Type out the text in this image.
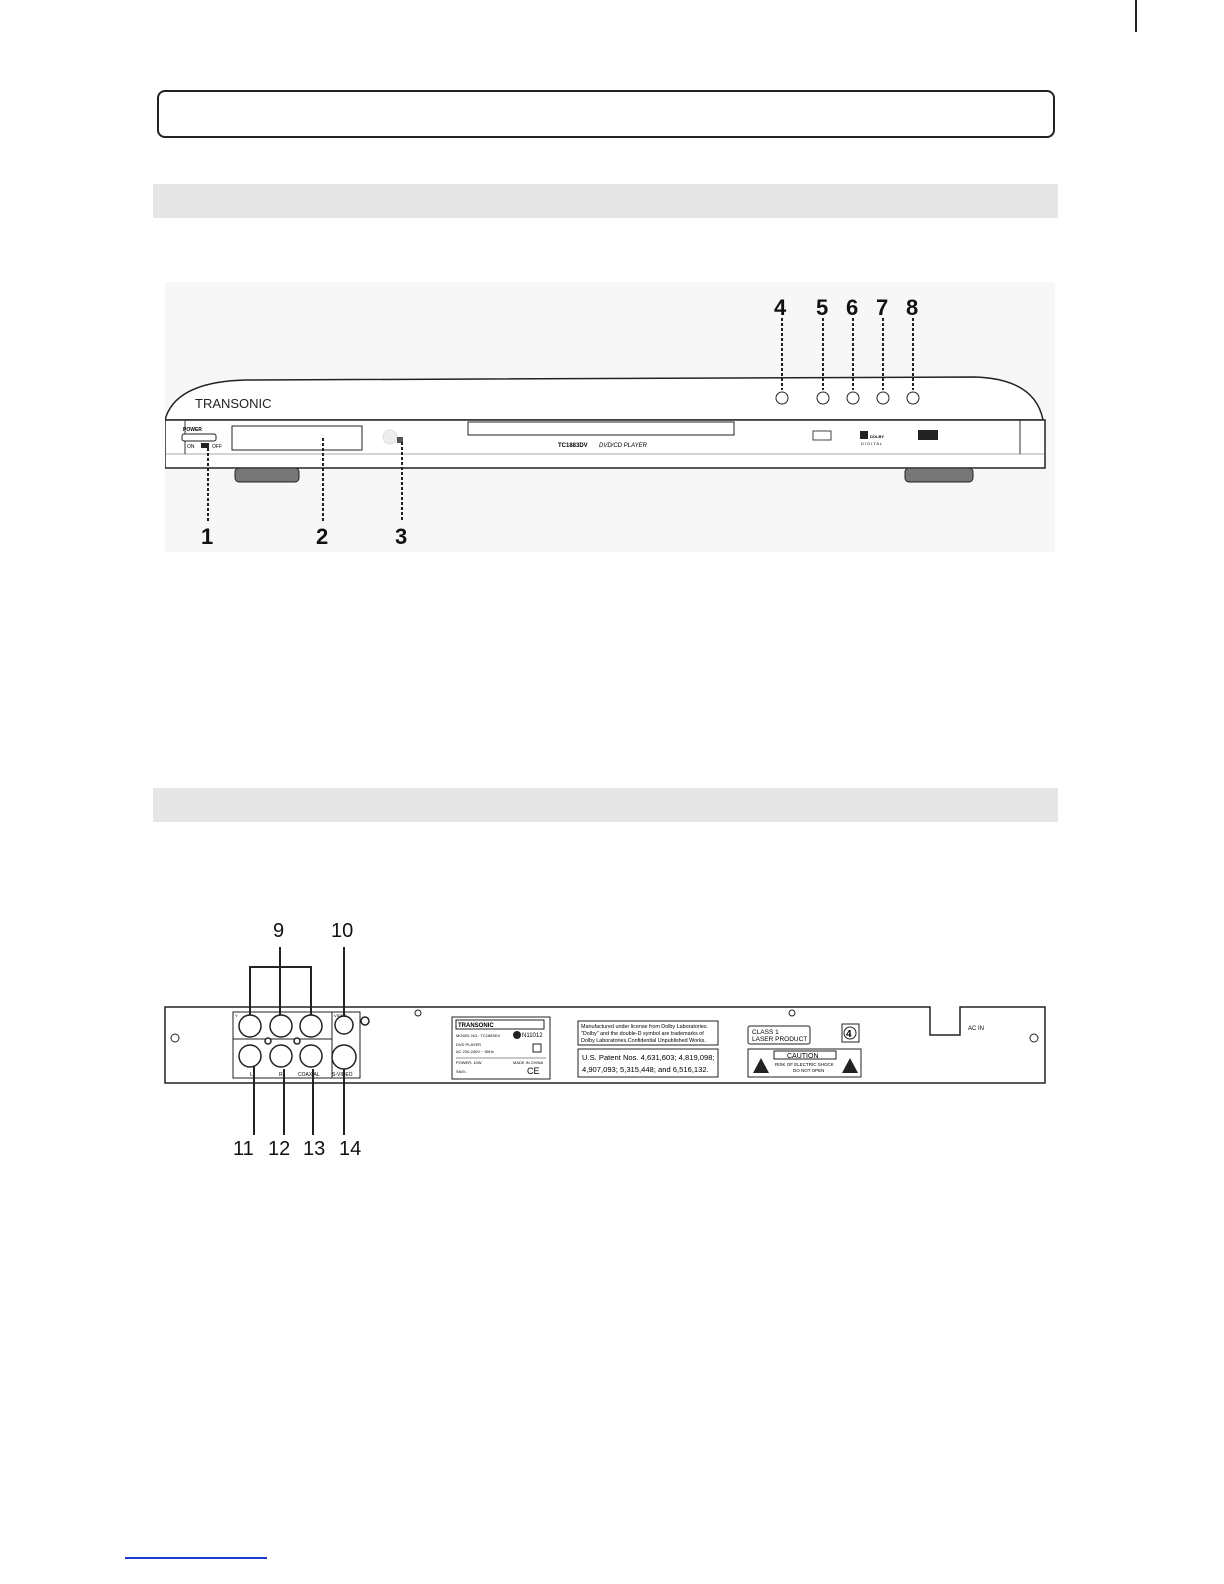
TRANSONIC
POWER
ON	OFF	TC1883DV DVD/CD PLAYER
DOLBY
DIGITAL
4 5 6 7 8
1	2	3
AC IN
Y	VIDEO
L	R	COAXIAL S-VIDEO
TRANSONIC
MODEL NO.: TC1883DV	N11012
DVD PLAYER
AC 230-240V ~ 50Hz
POWER: 10W	MADE IN CHINA
SN/0.:	CE
Manufactured under license from Dolby Laboratories.
"Dolby" and the double-D symbol are trademarks of
Dolby Laboratories.Confidential Unpublished Works.
U.S. Patent Nos. 4,631,603; 4,819,098;
4,907,093; 5,315,448; and 6,516,132.
CLASS 1
LASER PRODUCT	4
CAUTION
RISK OF ELECTRIC SHOCK
DO NOT OPEN
9 10
11 12 13 14
